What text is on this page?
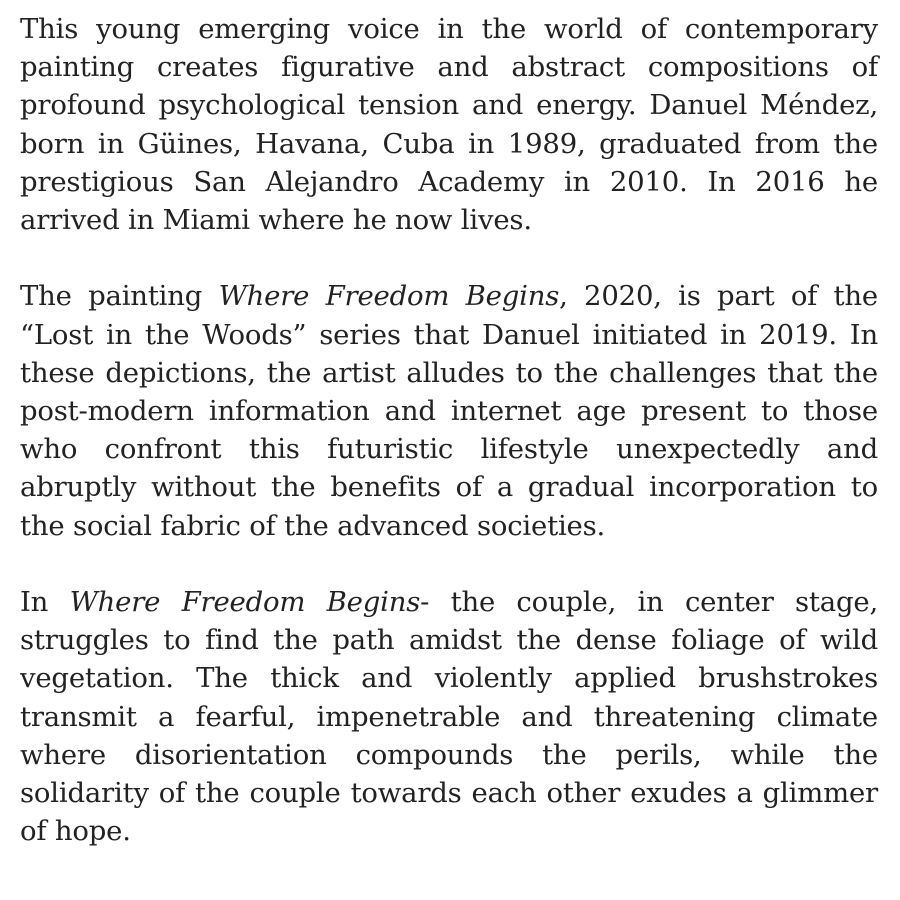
This young emerging voice in the world of contemporary painting creates figurative and abstract compositions of profound psychological tension and energy. Danuel Méndez, born in Güines, Havana, Cuba in 1989, graduated from the prestigious San Alejandro Academy in 2010. In 2016 he arrived in Miami where he now lives.

The painting Where Freedom Begins, 2020, is part of the “Lost in the Woods” series that Danuel initiated in 2019. In these depictions, the artist alludes to the challenges that the post-modern information and internet age present to those who confront this futuristic lifestyle unexpectedly and abruptly without the benefits of a gradual incorporation to the social fabric of the advanced societies.

In Where Freedom Begins- the couple, in center stage, struggles to find the path amidst the dense foliage of wild vegetation. The thick and violently applied brushstrokes transmit a fearful, impenetrable and threatening climate where disorientation compounds the perils, while the solidarity of the couple towards each other exudes a glimmer of hope.
